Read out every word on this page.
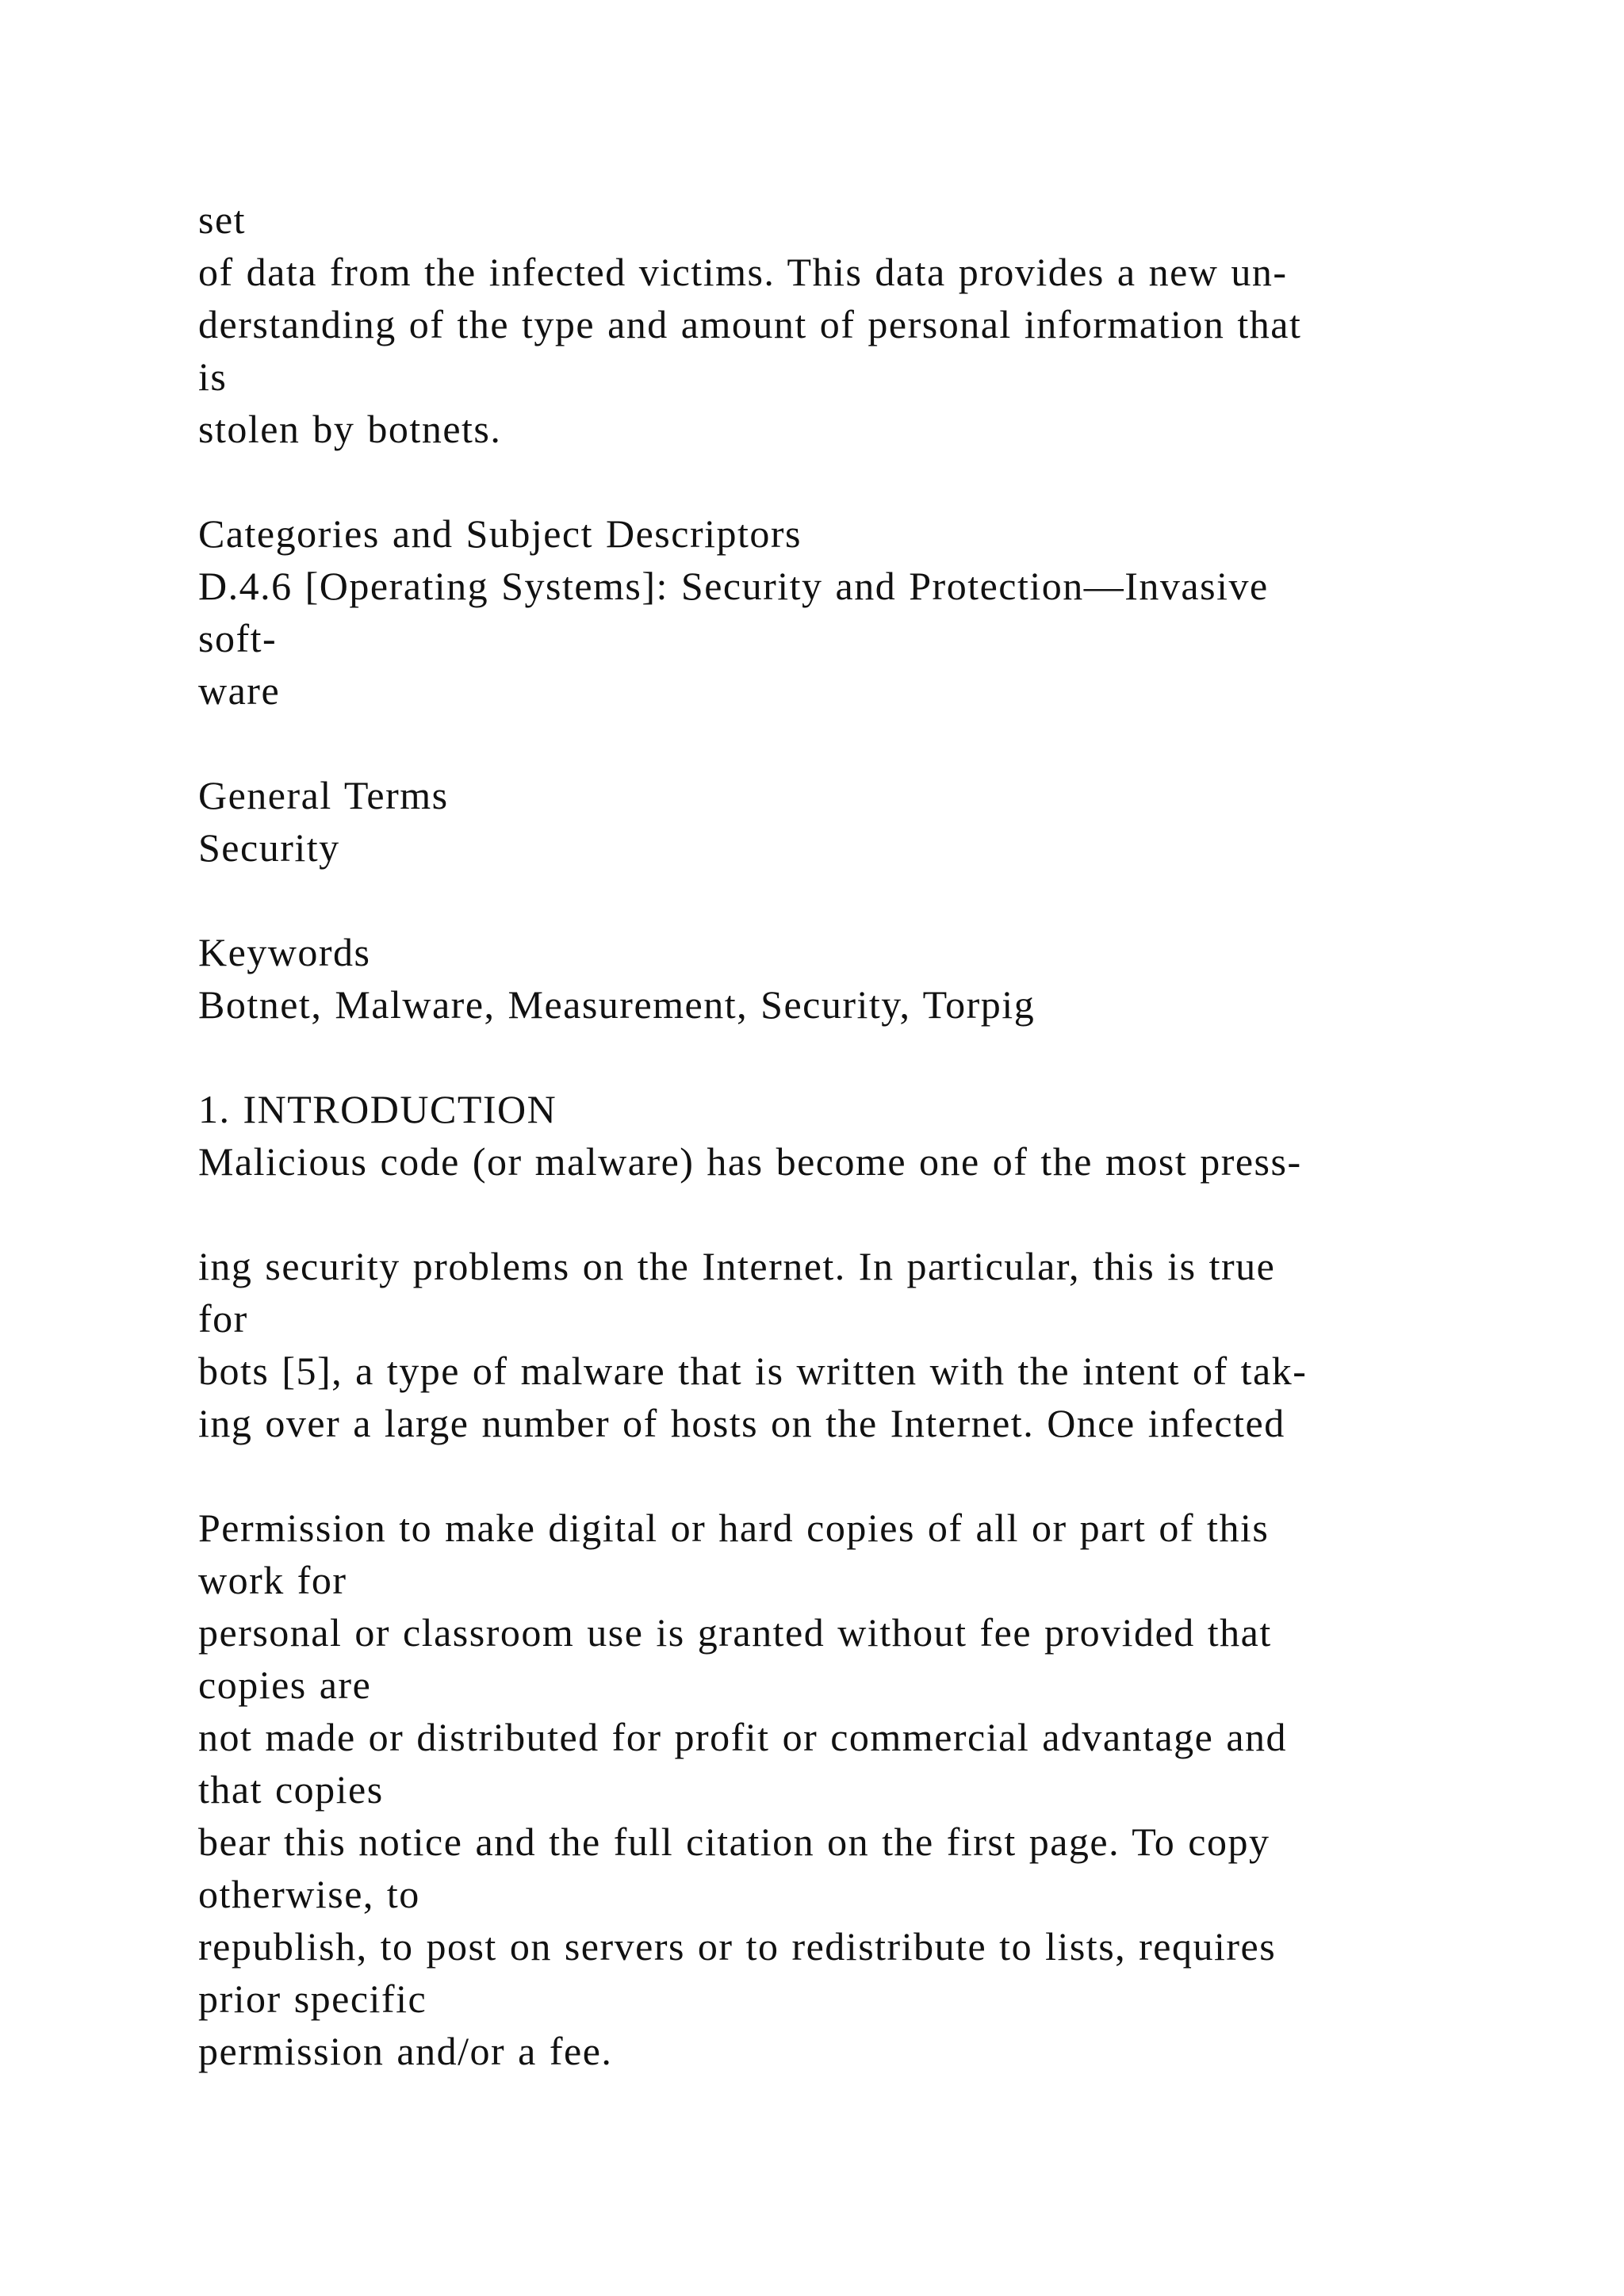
set
of data from the infected victims. This data provides a new un-
derstanding of the type and amount of personal information that
is
stolen by botnets.
Categories and Subject Descriptors
D.4.6 [Operating Systems]: Security and Protection—Invasive
soft-
ware
General Terms
Security
Keywords
Botnet, Malware, Measurement, Security, Torpig
1. INTRODUCTION
Malicious code (or malware) has become one of the most press-
ing security problems on the Internet. In particular, this is true
for
bots [5], a type of malware that is written with the intent of tak-
ing over a large number of hosts on the Internet. Once infected
Permission to make digital or hard copies of all or part of this
work for
personal or classroom use is granted without fee provided that
copies are
not made or distributed for profit or commercial advantage and
that copies
bear this notice and the full citation on the first page. To copy
otherwise, to
republish, to post on servers or to redistribute to lists, requires
prior specific
permission and/or a fee.
